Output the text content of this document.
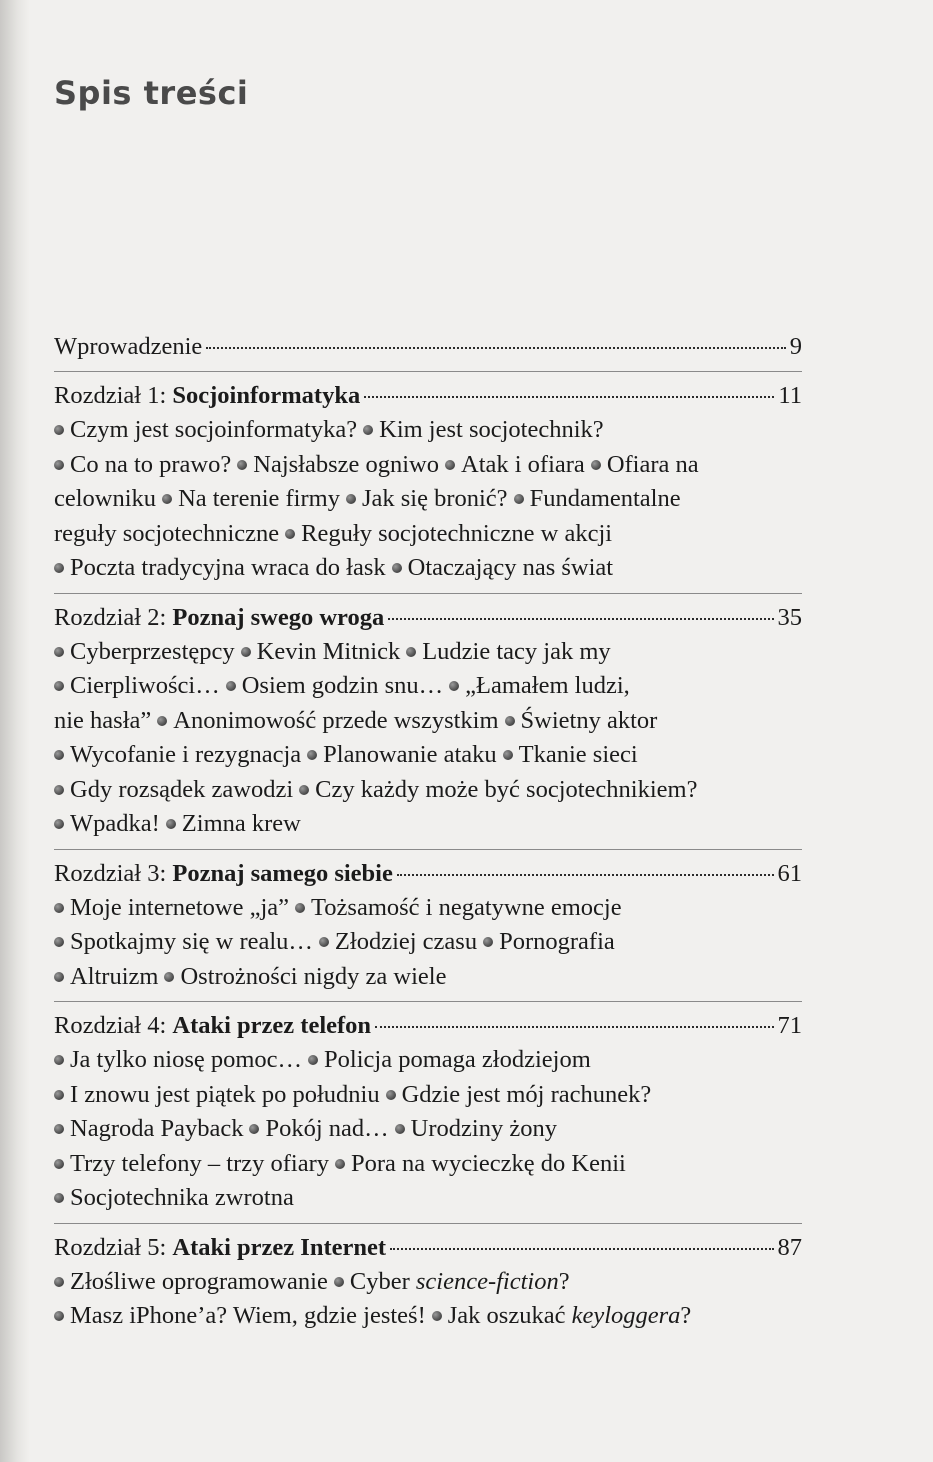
Spis treści
Wprowadzenie	9
Rozdział 1: Socjoinformatyka	11
Czym jest socjoinformatyka? Kim jest socjotechnik?
Co na to prawo? Najsłabsze ogniwo Atak i ofiara Ofiara na
celowniku Na terenie firmy Jak się bronić? Fundamentalne
reguły socjotechniczne Reguły socjotechniczne w akcji
Poczta tradycyjna wraca do łask Otaczający nas świat
Rozdział 2: Poznaj swego wroga	35
Cyberprzestępcy Kevin Mitnick Ludzie tacy jak my
Cierpliwości… Osiem godzin snu… „Łamałem ludzi,
nie hasła” Anonimowość przede wszystkim Świetny aktor
Wycofanie i rezygnacja Planowanie ataku Tkanie sieci
Gdy rozsądek zawodzi Czy każdy może być socjotechnikiem?
Wpadka! Zimna krew
Rozdział 3: Poznaj samego siebie	61
Moje internetowe „ja” Tożsamość i negatywne emocje
Spotkajmy się w realu… Złodziej czasu Pornografia
Altruizm Ostrożności nigdy za wiele
Rozdział 4: Ataki przez telefon	71
Ja tylko niosę pomoc… Policja pomaga złodziejom
I znowu jest piątek po południu Gdzie jest mój rachunek?
Nagroda Payback Pokój nad… Urodziny żony
Trzy telefony – trzy ofiary Pora na wycieczkę do Kenii
Socjotechnika zwrotna
Rozdział 5: Ataki przez Internet	87
Złośliwe oprogramowanie Cyber science-fiction?
Masz iPhone’a? Wiem, gdzie jesteś! Jak oszukać keyloggera?
